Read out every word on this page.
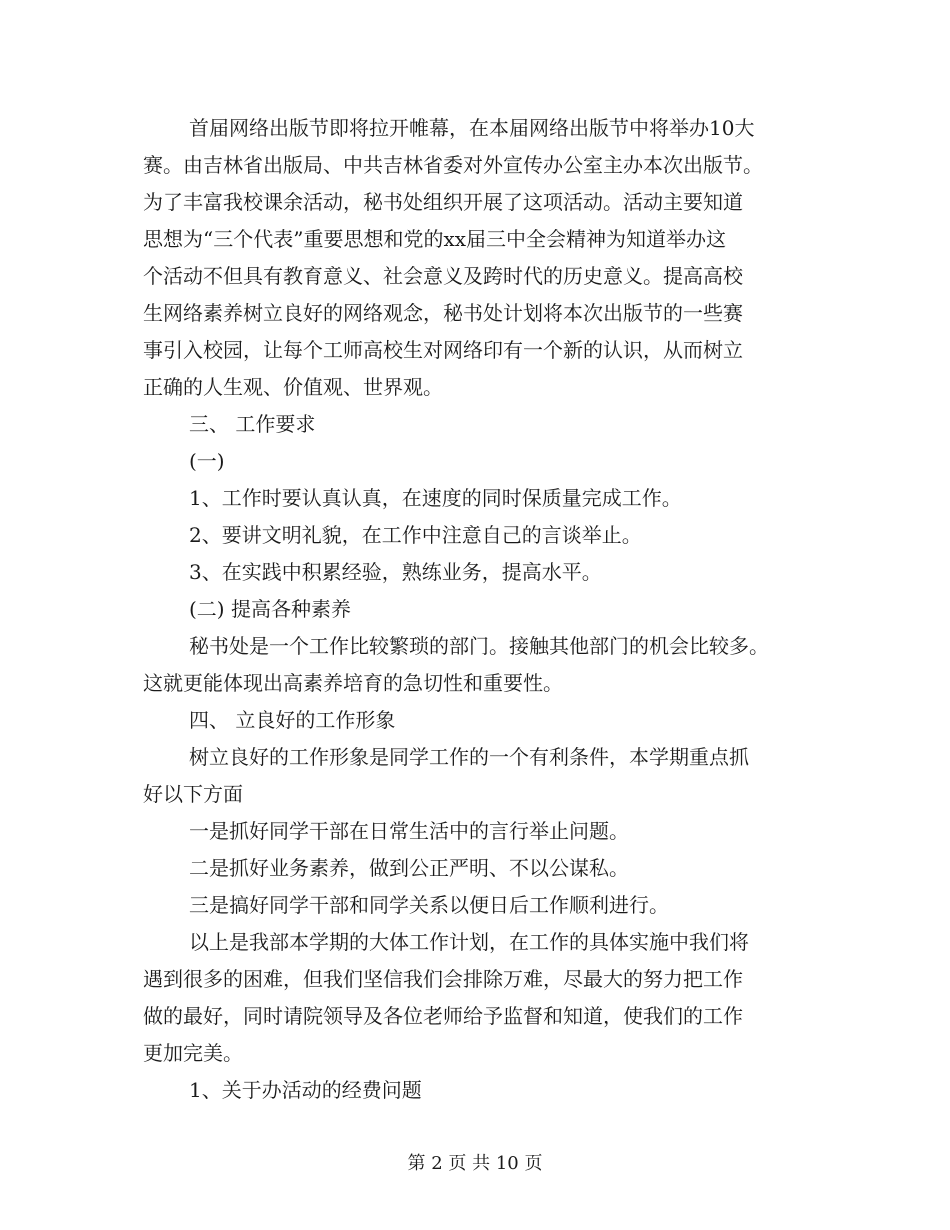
首届网络出版节即将拉开帷幕，在本届网络出版节中将举办10大

赛。由吉林省出版局、中共吉林省委对外宣传办公室主办本次出版节。

为了丰富我校课余活动，秘书处组织开展了这项活动。活动主要知道

思想为“三个代表”重要思想和党的xx届三中全会精神为知道举办这

个活动不但具有教育意义、社会意义及跨时代的历史意义。提高高校

生网络素养树立良好的网络观念，秘书处计划将本次出版节的一些赛

事引入校园，让每个工师高校生对网络印有一个新的认识，从而树立

正确的人生观、价值观、世界观。

三、 工作要求

(一)

1、工作时要认真认真，在速度的同时保质量完成工作。

2、要讲文明礼貌，在工作中注意自己的言谈举止。

3、在实践中积累经验，熟练业务，提高水平。

(二) 提高各种素养

秘书处是一个工作比较繁琐的部门。接触其他部门的机会比较多。

这就更能体现出高素养培育的急切性和重要性。

四、 立良好的工作形象

树立良好的工作形象是同学工作的一个有利条件，本学期重点抓

好以下方面

一是抓好同学干部在日常生活中的言行举止问题。

二是抓好业务素养，做到公正严明、不以公谋私。

三是搞好同学干部和同学关系以便日后工作顺利进行。

以上是我部本学期的大体工作计划，在工作的具体实施中我们将

遇到很多的困难，但我们坚信我们会排除万难，尽最大的努力把工作

做的最好，同时请院领导及各位老师给予监督和知道，使我们的工作

更加完美。

1、关于办活动的经费问题

第 2 页 共 10 页
